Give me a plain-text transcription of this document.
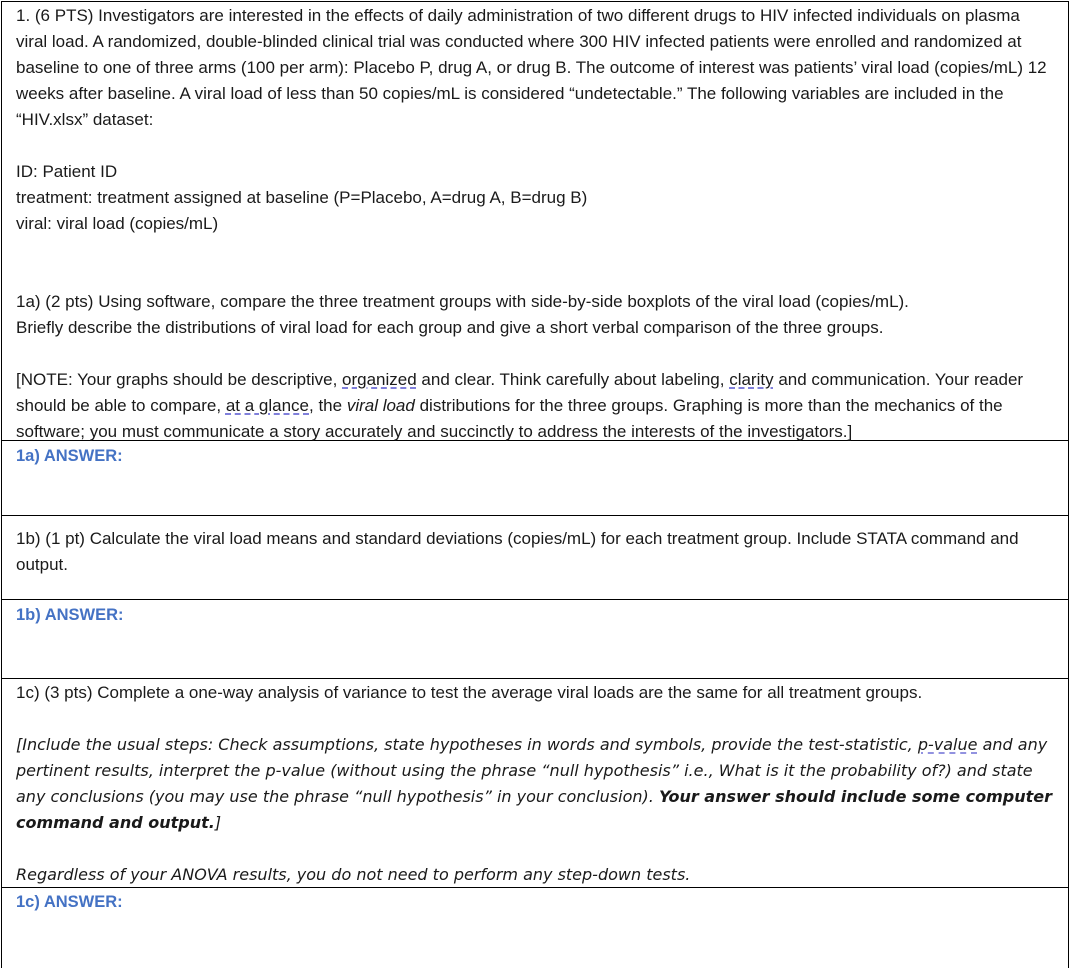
1. (6 PTS) Investigators are interested in the effects of daily administration of two different drugs to HIV infected individuals on plasma viral load. A randomized, double-blinded clinical trial was conducted where 300 HIV infected patients were enrolled and randomized at baseline to one of three arms (100 per arm): Placebo P, drug A, or drug B. The outcome of interest was patients’ viral load (copies/mL) 12 weeks after baseline. A viral load of less than 50 copies/mL is considered “undetectable.” The following variables are included in the “HIV.xlsx” dataset:

ID: Patient ID

treatment: treatment assigned at baseline (P=Placebo, A=drug A, B=drug B)

viral: viral load (copies/mL)

1a) (2 pts) Using software, compare the three treatment groups with side-by-side boxplots of the viral load (copies/mL).

Briefly describe the distributions of viral load for each group and give a short verbal comparison of the three groups.

[NOTE: Your graphs should be descriptive, organized and clear. Think carefully about labeling, clarity and communication. Your reader should be able to compare, at a glance, the viral load distributions for the three groups. Graphing is more than the mechanics of the software; you must communicate a story accurately and succinctly to address the interests of the investigators.]

1a) ANSWER:

1b) (1 pt) Calculate the viral load means and standard deviations (copies/mL) for each treatment group. Include STATA command and output.

1b) ANSWER:

1c) (3 pts) Complete a one-way analysis of variance to test the average viral loads are the same for all treatment groups.

[Include the usual steps: Check assumptions, state hypotheses in words and symbols, provide the test-statistic, p-value and any pertinent results, interpret the p-value (without using the phrase “null hypothesis” i.e., What is it the probability of?) and state any conclusions (you may use the phrase “null hypothesis” in your conclusion). Your answer should include some computer command and output.]

Regardless of your ANOVA results, you do not need to perform any step-down tests.

1c) ANSWER:
